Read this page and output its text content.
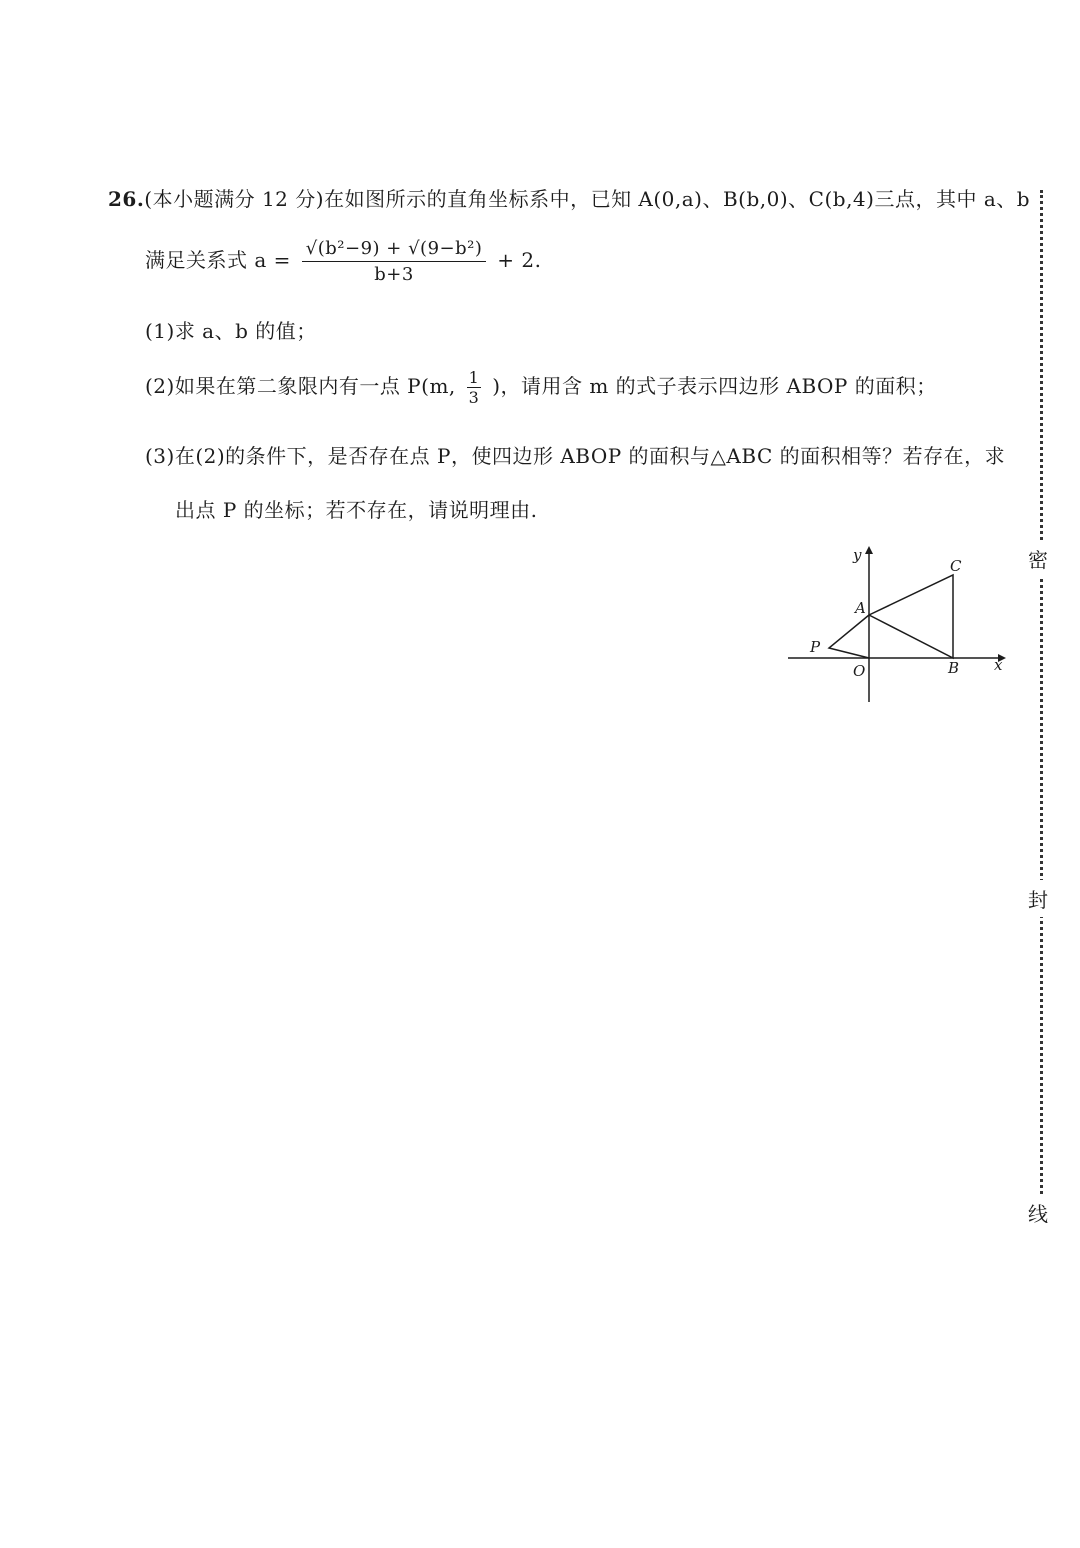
26.(本小题满分 12 分)在如图所示的直角坐标系中，已知 A(0,a)、B(b,0)、C(b,4)三点，其中 a、b
满足关系式 $a = \frac{\text{√(b²−9) + √(9−b²)}}{b+3} + 2$.
(1)求 a、b 的值；
(2)如果在第二象限内有一点 P(m, $\frac{1}{3}$ )，请用含 m 的式子表示四边形 ABOP 的面积；
(3)在(2)的条件下，是否存在点 P，使四边形 ABOP 的面积与△ABC 的面积相等？若存在，求
出点 P 的坐标；若不存在，请说明理由.
y
x
O
A
B
C
P
密
封
线
